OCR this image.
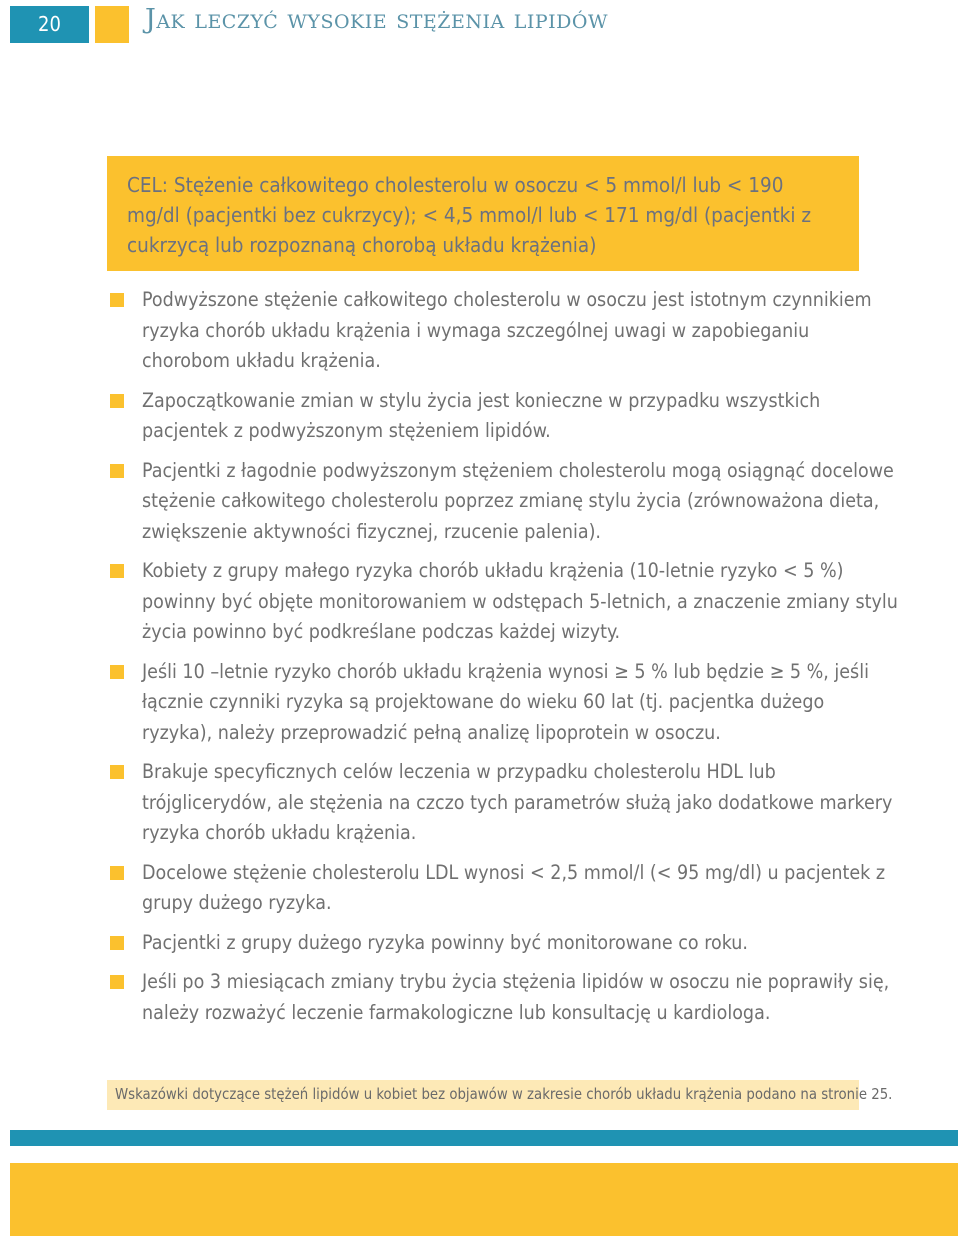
20	Jak leczyć wysokie stężenia lipidów

CEL: Stężenie całkowitego cholesterolu w osoczu < 5 mmol/l lub < 190 mg/dl (pacjentki bez cukrzycy); < 4,5 mmol/l lub < 171 mg/dl (pacjentki z cukrzycą lub rozpoznaną chorobą układu krążenia)

Podwyższone stężenie całkowitego cholesterolu w osoczu jest istotnym czynnikiem ryzyka chorób układu krążenia i wymaga szczególnej uwagi w zapobieganiu chorobom układu krążenia.
Zapoczątkowanie zmian w stylu życia jest konieczne w przypadku wszystkich pacjentek z podwyższonym stężeniem lipidów.
Pacjentki z łagodnie podwyższonym stężeniem cholesterolu mogą osiągnąć docelowe stężenie całkowitego cholesterolu poprzez zmianę stylu życia (zrównoważona dieta, zwiększenie aktywności fizycznej, rzucenie palenia).
Kobiety z grupy małego ryzyka chorób układu krążenia (10-letnie ryzyko < 5 %) powinny być objęte monitorowaniem w odstępach 5-letnich, a znaczenie zmiany stylu życia powinno być podkreślane podczas każdej wizyty.
Jeśli 10 –letnie ryzyko chorób układu krążenia wynosi ≥ 5 % lub będzie ≥ 5 %, jeśli łącznie czynniki ryzyka są projektowane do wieku 60 lat (tj. pacjentka dużego ryzyka), należy przeprowadzić pełną analizę lipoprotein w osoczu.
Brakuje specyficznych celów leczenia w przypadku cholesterolu HDL lub trójglicerydów, ale stężenia na czczo tych parametrów służą jako dodatkowe markery ryzyka chorób układu krążenia.
Docelowe stężenie cholesterolu LDL wynosi < 2,5 mmol/l (< 95 mg/dl) u pacjentek z grupy dużego ryzyka.
Pacjentki z grupy dużego ryzyka powinny być monitorowane co roku.
Jeśli po 3 miesiącach zmiany trybu życia stężenia lipidów w osoczu nie poprawiły się, należy rozważyć leczenie farmakologiczne lub konsultację u kardiologa.
Wskazówki dotyczące stężeń lipidów u kobiet bez objawów w zakresie chorób układu krążenia podano na stronie 25.
